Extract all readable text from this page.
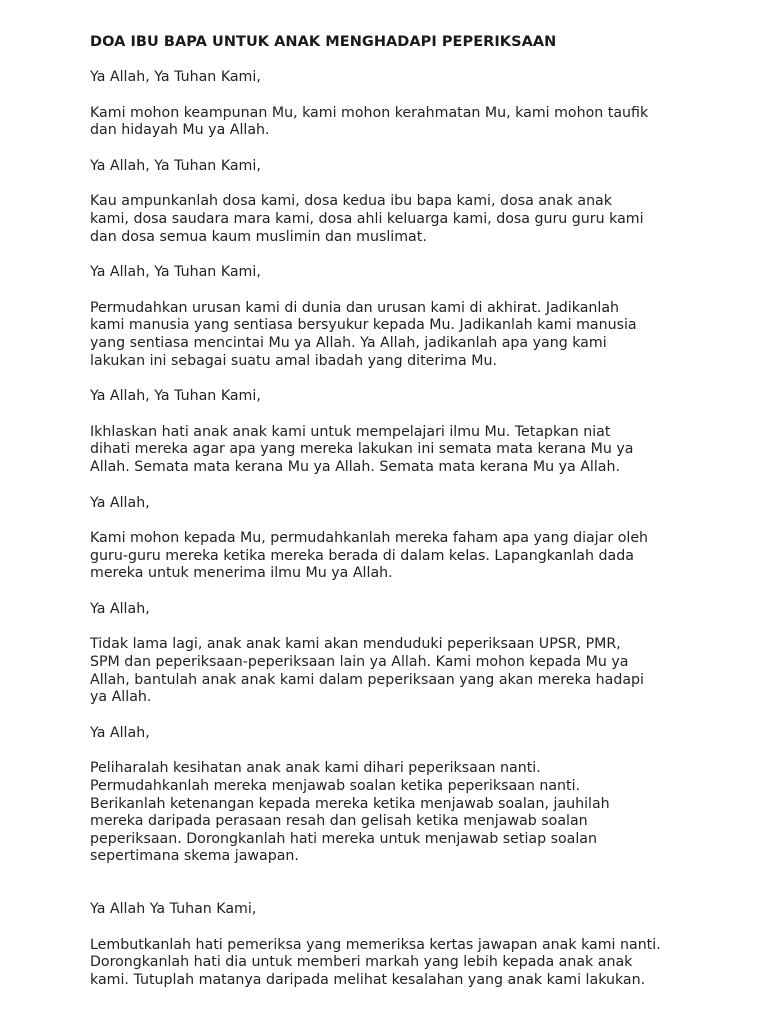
DOA IBU BAPA UNTUK ANAK MENGHADAPI PEPERIKSAAN
Ya Allah, Ya Tuhan Kami,
Kami mohon keampunan Mu, kami mohon kerahmatan Mu, kami mohon taufik
dan hidayah Mu ya Allah.
Ya Allah, Ya Tuhan Kami,
Kau ampunkanlah dosa kami, dosa kedua ibu bapa kami, dosa anak anak
kami, dosa saudara mara kami, dosa ahli keluarga kami, dosa guru guru kami
dan dosa semua kaum muslimin dan muslimat.
Ya Allah, Ya Tuhan Kami,
Permudahkan urusan kami di dunia dan urusan kami di akhirat. Jadikanlah
kami manusia yang sentiasa bersyukur kepada Mu. Jadikanlah kami manusia
yang sentiasa mencintai Mu ya Allah. Ya Allah, jadikanlah apa yang kami
lakukan ini sebagai suatu amal ibadah yang diterima Mu.
Ya Allah, Ya Tuhan Kami,
Ikhlaskan hati anak anak kami untuk mempelajari ilmu Mu. Tetapkan niat
dihati mereka agar apa yang mereka lakukan ini semata mata kerana Mu ya
Allah. Semata mata kerana Mu ya Allah. Semata mata kerana Mu ya Allah.
Ya Allah,
Kami mohon kepada Mu, permudahkanlah mereka faham apa yang diajar oleh
guru-guru mereka ketika mereka berada di dalam kelas. Lapangkanlah dada
mereka untuk menerima ilmu Mu ya Allah.
Ya Allah,
Tidak lama lagi, anak anak kami akan menduduki peperiksaan UPSR, PMR,
SPM dan peperiksaan-peperiksaan lain ya Allah. Kami mohon kepada Mu ya
Allah, bantulah anak anak kami dalam peperiksaan yang akan mereka hadapi
ya Allah.
Ya Allah,
Peliharalah kesihatan anak anak kami dihari peperiksaan nanti.
Permudahkanlah mereka menjawab soalan ketika peperiksaan nanti.
Berikanlah ketenangan kepada mereka ketika menjawab soalan, jauhilah
mereka daripada perasaan resah dan gelisah ketika menjawab soalan
peperiksaan. Dorongkanlah hati mereka untuk menjawab setiap soalan
sepertimana skema jawapan.
Ya Allah Ya Tuhan Kami,
Lembutkanlah hati pemeriksa yang memeriksa kertas jawapan anak kami nanti.
Dorongkanlah hati dia untuk memberi markah yang lebih kepada anak anak
kami. Tutuplah matanya daripada melihat kesalahan yang anak kami lakukan.
